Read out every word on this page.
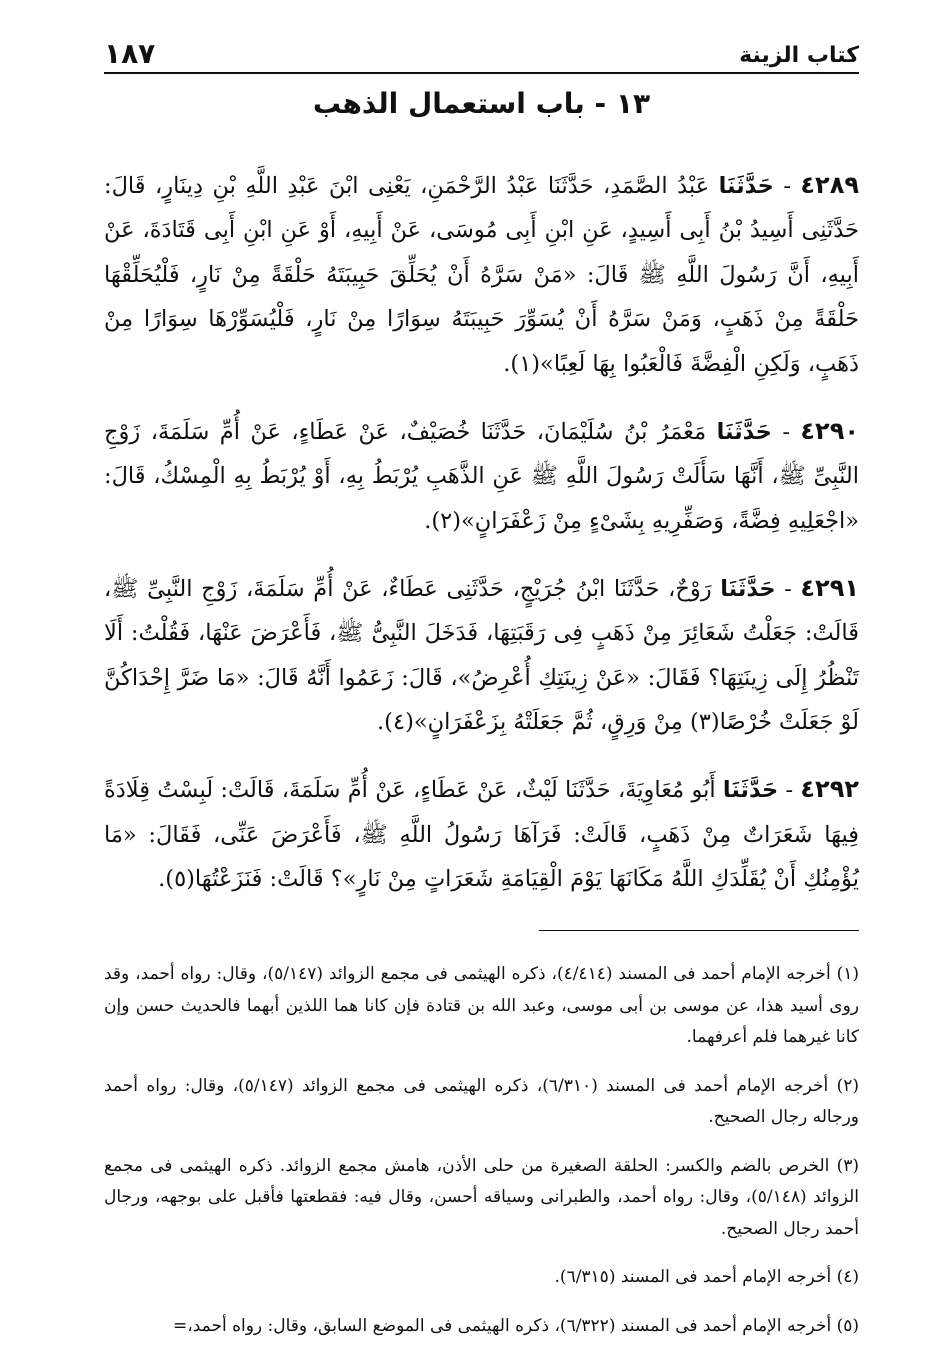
كتاب الزينة
١٨٧
١٣ - باب استعمال الذهب

٤٢٨٩ - حَدَّثَنَا عَبْدُ الصَّمَدِ، حَدَّثَنَا عَبْدُ الرَّحْمَنِ، يَعْنِى ابْنَ عَبْدِ اللَّهِ بْنِ دِينَارٍ، قَالَ: حَدَّثَنِى أَسِيدُ بْنُ أَبِى أَسِيدٍ، عَنِ ابْنِ أَبِى مُوسَى، عَنْ أَبِيهِ، أَوْ عَنِ ابْنِ أَبِى قَتَادَةَ، عَنْ أَبِيهِ، أَنَّ رَسُولَ اللَّهِ ﷺ قَالَ: «مَنْ سَرَّهُ أَنْ يُحَلِّقَ حَبِيبَتَهُ حَلْقَةً مِنْ نَارٍ، فَلْيُحَلِّقْهَا حَلْقَةً مِنْ ذَهَبٍ، وَمَنْ سَرَّهُ أَنْ يُسَوِّرَ حَبِيبَتَهُ سِوَارًا مِنْ نَارٍ، فَلْيُسَوِّرْهَا سِوَارًا مِنْ ذَهَبٍ، وَلَكِنِ الْفِضَّةَ فَالْعَبُوا بِهَا لَعِبًا»(١).

٤٢٩٠ - حَدَّثَنَا مَعْمَرُ بْنُ سُلَيْمَانَ، حَدَّثَنَا خُصَيْفٌ، عَنْ عَطَاءٍ، عَنْ أُمِّ سَلَمَةَ، زَوْجِ النَّبِىِّ ﷺ، أَنَّهَا سَأَلَتْ رَسُولَ اللَّهِ ﷺ عَنِ الذَّهَبِ يُرْبَطُ بِهِ، أَوْ يُرْبَطُ بِهِ الْمِسْكُ، قَالَ: «اجْعَلِيهِ فِضَّةً، وَصَفِّرِيهِ بِشَىْءٍ مِنْ زَعْفَرَانٍ»(٢).

٤٢٩١ - حَدَّثَنَا رَوْحٌ، حَدَّثَنَا ابْنُ جُرَيْجٍ، حَدَّثَنِى عَطَاءٌ، عَنْ أُمِّ سَلَمَةَ، زَوْجِ النَّبِىِّ ﷺ، قَالَتْ: جَعَلْتُ شَعَائِرَ مِنْ ذَهَبٍ فِى رَقَبَتِهَا، فَدَخَلَ النَّبِىُّ ﷺ، فَأَعْرَضَ عَنْهَا، فَقُلْتُ: أَلَا تَنْظُرُ إِلَى زِينَتِهَا؟ فَقَالَ: «عَنْ زِينَتِكِ أُعْرِضُ»، قَالَ: زَعَمُوا أَنَّهُ قَالَ: «مَا ضَرَّ إِحْدَاكُنَّ لَوْ جَعَلَتْ خُرْصًا(٣) مِنْ وَرِقٍ، ثُمَّ جَعَلَتْهُ بِزَعْفَرَانٍ»(٤).

٤٢٩٢ - حَدَّثَنَا أَبُو مُعَاوِيَةَ، حَدَّثَنَا لَيْثٌ، عَنْ عَطَاءٍ، عَنْ أُمِّ سَلَمَةَ، قَالَتْ: لَبِسْتُ قِلَادَةً فِيهَا شَعَرَاتٌ مِنْ ذَهَبٍ، قَالَتْ: فَرَآهَا رَسُولُ اللَّهِ ﷺ، فَأَعْرَضَ عَنِّى، فَقَالَ: «مَا يُؤْمِنُكِ أَنْ يُقَلِّدَكِ اللَّهُ مَكَانَهَا يَوْمَ الْقِيَامَةِ شَعَرَاتٍ مِنْ نَارٍ»؟ قَالَتْ: فَنَزَعْتُهَا(٥).

(١) أخرجه الإمام أحمد فى المسند (٤/٤١٤)، ذكره الهيثمى فى مجمع الزوائد (٥/١٤٧)، وقال: رواه أحمد، وقد روى أسيد هذا، عن موسى بن أبى موسى، وعبد الله بن قتادة فإن كانا هما اللذين أبهما فالحديث حسن وإن كانا غيرهما فلم أعرفهما.

(٢) أخرجه الإمام أحمد فى المسند (٦/٣١٠)، ذكره الهيثمى فى مجمع الزوائد (٥/١٤٧)، وقال: رواه أحمد ورجاله رجال الصحيح.

(٣) الخرص بالضم والكسر: الحلقة الصغيرة من حلى الأذن، هامش مجمع الزوائد. ذكره الهيثمى فى مجمع الزوائد (٥/١٤٨)، وقال: رواه أحمد، والطبرانى وسياقه أحسن، وقال فيه: فقطعتها فأقبل على بوجهه، ورجال أحمد رجال الصحيح.

(٤) أخرجه الإمام أحمد فى المسند (٦/٣١٥).

(٥) أخرجه الإمام أحمد فى المسند (٦/٣٢٢)، ذكره الهيثمى فى الموضع السابق، وقال: رواه أحمد،=
